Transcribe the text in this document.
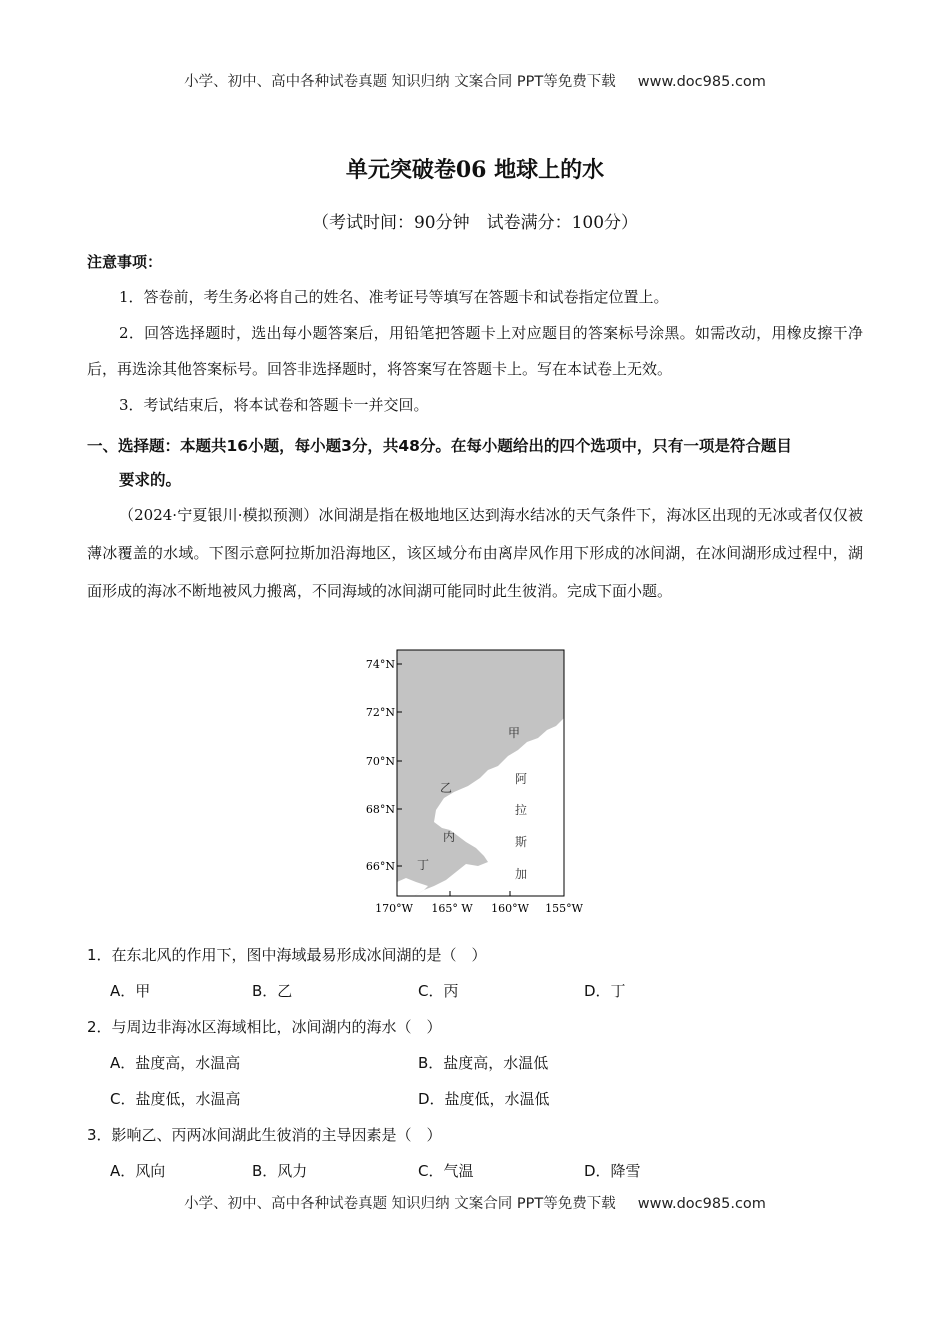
小学、初中、高中各种试卷真题 知识归纳 文案合同 PPT等免费下载 www.doc985.com
单元突破卷06 地球上的水
（考试时间：90分钟　试卷满分：100分）
注意事项：
1．答卷前，考生务必将自己的姓名、准考证号等填写在答题卡和试卷指定位置上。
2．回答选择题时，选出每小题答案后，用铅笔把答题卡上对应题目的答案标号涂黑。如需改动，用橡皮擦干净后，再选涂其他答案标号。回答非选择题时，将答案写在答题卡上。写在本试卷上无效。
3．考试结束后，将本试卷和答题卡一并交回。
一、选择题：本题共16小题，每小题3分，共48分。在每小题给出的四个选项中，只有一项是符合题目
要求的。
（2024·宁夏银川·模拟预测）冰间湖是指在极地地区达到海水结冰的天气条件下，海冰区出现的无冰或者仅仅被薄冰覆盖的水域。下图示意阿拉斯加沿海地区，该区域分布由离岸风作用下形成的冰间湖，在冰间湖形成过程中，湖面形成的海冰不断地被风力搬离，不同海域的冰间湖可能同时此生彼消。完成下面小题。
74°N
72°N
70°N
68°N
66°N
170°W 165° W 160°W 155°W
甲
乙
内
丁
阿
拉
斯
加
1．在东北风的作用下，图中海域最易形成冰间湖的是（　）
A．甲	B．乙	C．丙	D．丁
2．与周边非海冰区海域相比，冰间湖内的海水（　）
A．盐度高，水温高	B．盐度高，水温低
C．盐度低，水温高	D．盐度低，水温低
3．影响乙、丙两冰间湖此生彼消的主导因素是（　）
A．风向	B．风力	C．气温	D．降雪
小学、初中、高中各种试卷真题 知识归纳 文案合同 PPT等免费下载 www.doc985.com
